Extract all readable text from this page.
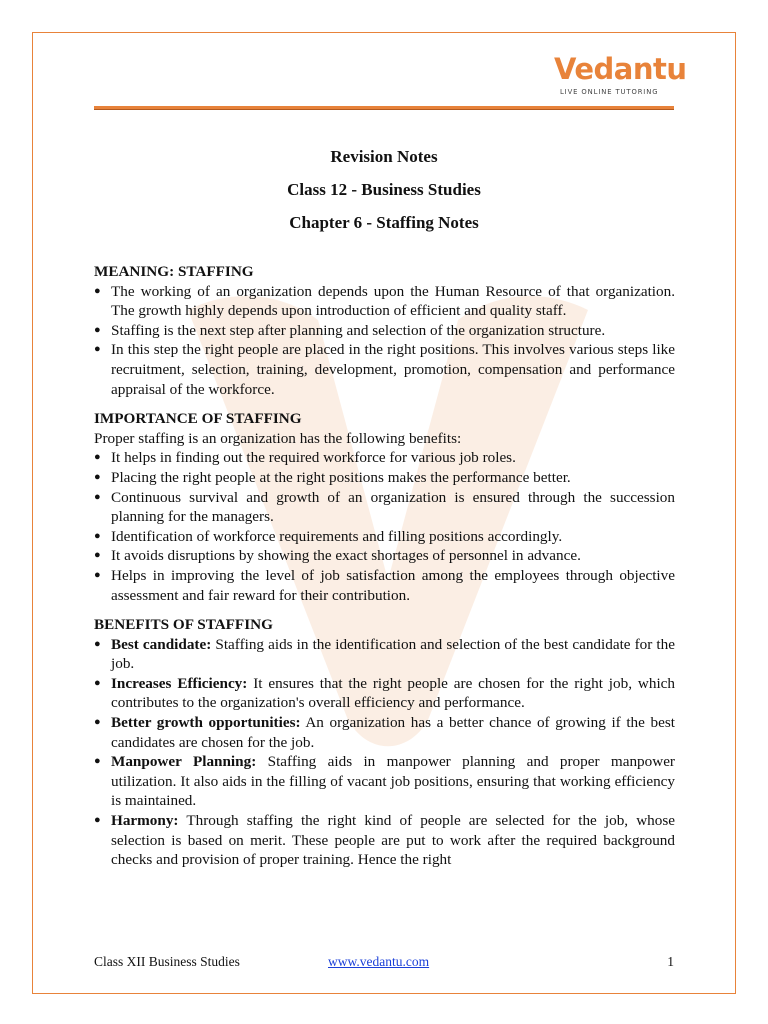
Vedantu
LIVE ONLINE TUTORING

Revision Notes

Class 12 - Business Studies

Chapter 6 - Staffing Notes

MEANING: STAFFING

● The working of an organization depends upon the Human Resource of that organization. The growth highly depends upon introduction of efficient and quality staff.
● Staffing is the next step after planning and selection of the organization structure.
● In this step the right people are placed in the right positions. This involves various steps like recruitment, selection, training, development, promotion, compensation and performance appraisal of the workforce.

IMPORTANCE OF STAFFING

Proper staffing is an organization has the following benefits:

● It helps in finding out the required workforce for various job roles.
● Placing the right people at the right positions makes the performance better.
● Continuous survival and growth of an organization is ensured through the succession planning for the managers.
● Identification of workforce requirements and filling positions accordingly.
● It avoids disruptions by showing the exact shortages of personnel in advance.
● Helps in improving the level of job satisfaction among the employees through objective assessment and fair reward for their contribution.

BENEFITS OF STAFFING

● Best candidate: Staffing aids in the identification and selection of the best candidate for the job.
● Increases Efficiency: It ensures that the right people are chosen for the right job, which contributes to the organization's overall efficiency and performance.
● Better growth opportunities: An organization has a better chance of growing if the best candidates are chosen for the job.
● Manpower Planning: Staffing aids in manpower planning and proper manpower utilization. It also aids in the filling of vacant job positions, ensuring that working efficiency is maintained.
● Harmony: Through staffing the right kind of people are selected for the job, whose selection is based on merit. These people are put to work after the required background checks and provision of proper training. Hence the right
Class XII Business Studies	www.vedantu.com	1
